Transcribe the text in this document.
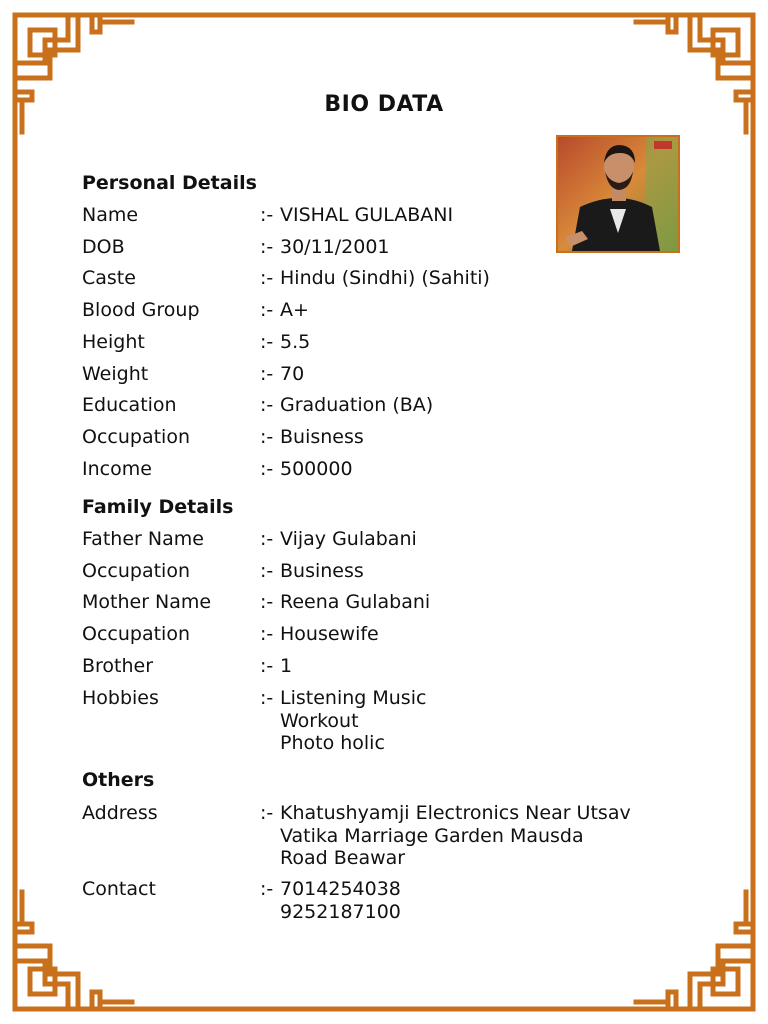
BIO DATA
Personal Details
Name	:- VISHAL GULABANI
DOB	:- 30/11/2001
Caste	:- Hindu (Sindhi) (Sahiti)
Blood Group	:- A+
Height	:- 5.5
Weight	:- 70
Education	:- Graduation (BA)
Occupation	:- Buisness
Income	:- 500000
Family Details
Father Name	:- Vijay Gulabani
Occupation	:- Business
Mother Name	:- Reena Gulabani
Occupation	:- Housewife
Brother	:- 1
Hobbies	:- Listening Music
Workout
Photo holic
Others
Address	:- Khatushyamji Electronics Near Utsav
Vatika Marriage Garden Mausda
Road Beawar
Contact	:- 7014254038
9252187100
